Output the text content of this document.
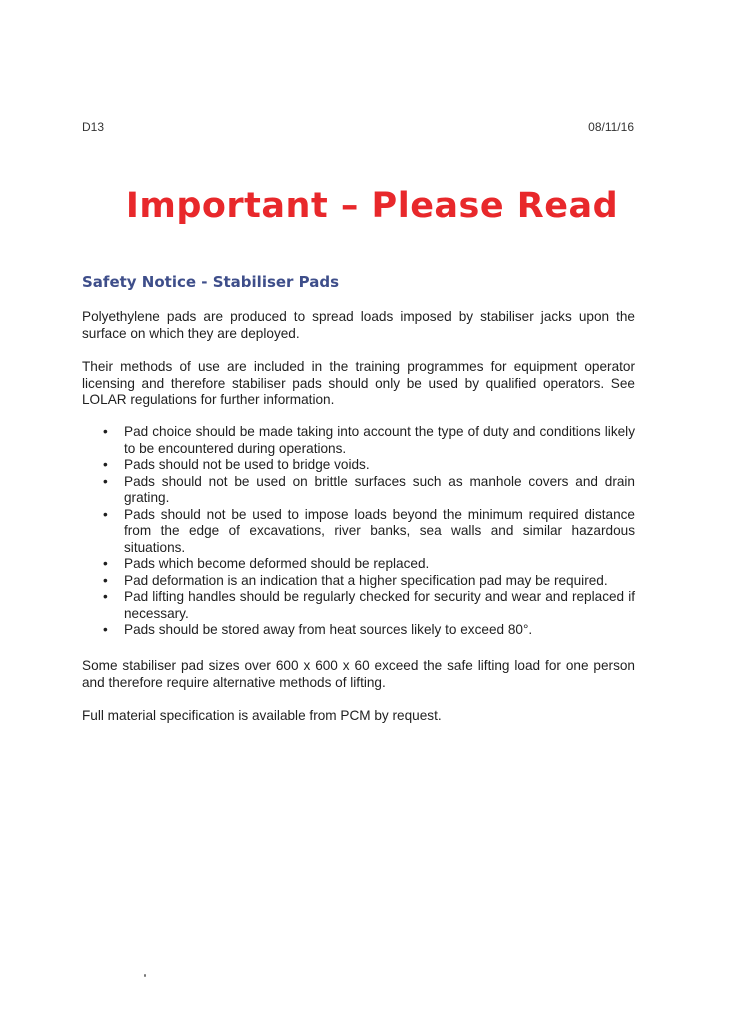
D13	08/11/16
Important – Please Read
Safety Notice - Stabiliser Pads

Polyethylene pads are produced to spread loads imposed by stabiliser jacks upon the surface on which they are deployed.

Their methods of use are included in the training programmes for equipment operator licensing and therefore stabiliser pads should only be used by qualified operators. See LOLAR regulations for further information.

• Pad choice should be made taking into account the type of duty and conditions likely to be encountered during operations.
• Pads should not be used to bridge voids.
• Pads should not be used on brittle surfaces such as manhole covers and drain grating.
• Pads should not be used to impose loads beyond the minimum required distance from the edge of excavations, river banks, sea walls and similar hazardous situations.
• Pads which become deformed should be replaced.
• Pad deformation is an indication that a higher specification pad may be required.
• Pad lifting handles should be regularly checked for security and wear and replaced if necessary.
• Pads should be stored away from heat sources likely to exceed 80°.

Some stabiliser pad sizes over 600 x 600 x 60 exceed the safe lifting load for one person and therefore require alternative methods of lifting.

Full material specification is available from PCM by request.
